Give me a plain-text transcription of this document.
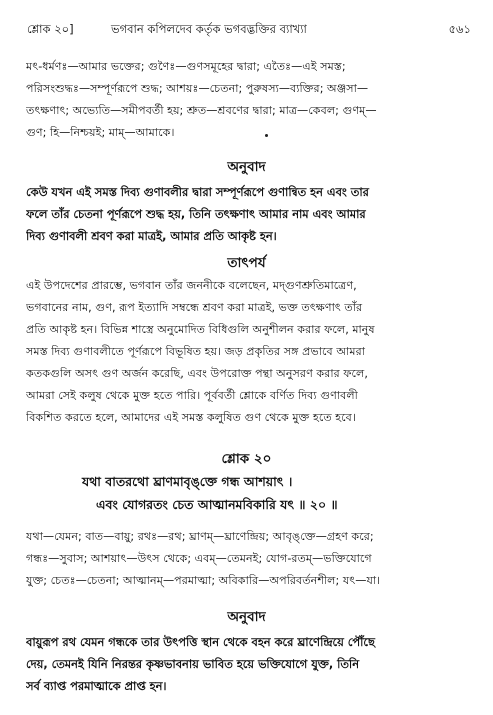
শ্লোক ২০]	ভগবান কপিলদেব কর্তৃক ভগবদ্ভক্তির ব্যাখ্যা	৫৬১
মৎ-ধর্মণঃ—আমার ভক্তের; গুণৈঃ—গুণসমূহের দ্বারা; এতৈঃ—এই সমস্ত;
পরিসংশুদ্ধঃ—সম্পূর্ণরূপে শুদ্ধ; আশয়ঃ—চেতনা; পুরুষস্য—ব্যক্তির; অঞ্জসা—
তৎক্ষণাৎ; অভ্যেতি—সমীপবর্তী হয়; শ্রুত—শ্রবণের দ্বারা; মাত্র—কেবল; গুণম্—
গুণ; হি—নিশ্চয়ই; মাম্—আমাকে।
অনুবাদ
কেউ যখন এই সমস্ত দিব্য গুণাবলীর দ্বারা সম্পূর্ণরূপে গুণান্বিত হন এবং তার
ফলে তাঁর চেতনা পূর্ণরূপে শুদ্ধ হয়, তিনি তৎক্ষণাৎ আমার নাম এবং আমার
দিব্য গুণাবলী শ্রবণ করা মাত্রই, আমার প্রতি আকৃষ্ট হন।
তাৎপর্য
এই উপদেশের প্রারম্ভে, ভগবান তাঁর জননীকে বলেছেন, মদ্‌গুণশ্রুতিমাত্রেণ,
ভগবানের নাম, গুণ, রূপ ইত্যাদি সম্বন্ধে শ্রবণ করা মাত্রই, ভক্ত তৎক্ষণাৎ তাঁর
প্রতি আকৃষ্ট হন। বিভিন্ন শাস্ত্রে অনুমোদিত বিধিগুলি অনুশীলন করার ফলে, মানুষ
সমস্ত দিব্য গুণাবলীতে পূর্ণরূপে বিভূষিত হয়। জড় প্রকৃতির সঙ্গ প্রভাবে আমরা
কতকগুলি অসৎ গুণ অর্জন করেছি, এবং উপরোক্ত পন্থা অনুসরণ করার ফলে,
আমরা সেই কলুষ থেকে মুক্ত হতে পারি। পূর্ববর্তী শ্লোকে বর্ণিত দিব্য গুণাবলী
বিকশিত করতে হলে, আমাদের এই সমস্ত কলুষিত গুণ থেকে মুক্ত হতে হবে।
শ্লোক ২০
যথা বাতরথো ঘ্রাণমাবৃঙ্‌ক্তে গন্ধ আশয়াৎ ।
এবং যোগরতং চেত আত্মানমবিকারি যৎ ॥ ২০ ॥
যথা—যেমন; বাত—বায়ু; রথঃ—রথ; ঘ্রাণম্—ঘ্রাণেন্দ্রিয়; আবৃঙ্‌ক্তে—গ্রহণ করে;
গন্ধঃ—সুবাস; আশয়াৎ—উৎস থেকে; এবম্—তেমনই; যোগ-রতম্—ভক্তিযোগে
যুক্ত; চেতঃ—চেতনা; আত্মানম্—পরমাত্মা; অবিকারি—অপরিবর্তনশীল; যৎ—যা।
অনুবাদ
বায়ুরূপ রথ যেমন গন্ধকে তার উৎপত্তি স্থান থেকে বহন করে ঘ্রাণেন্দ্রিয়ে পৌঁছে
দেয়, তেমনই যিনি নিরন্তর কৃষ্ণভাবনায় ভাবিত হয়ে ভক্তিযোগে যুক্ত, তিনি
সর্ব ব্যাপ্ত পরমাত্মাকে প্রাপ্ত হন।
